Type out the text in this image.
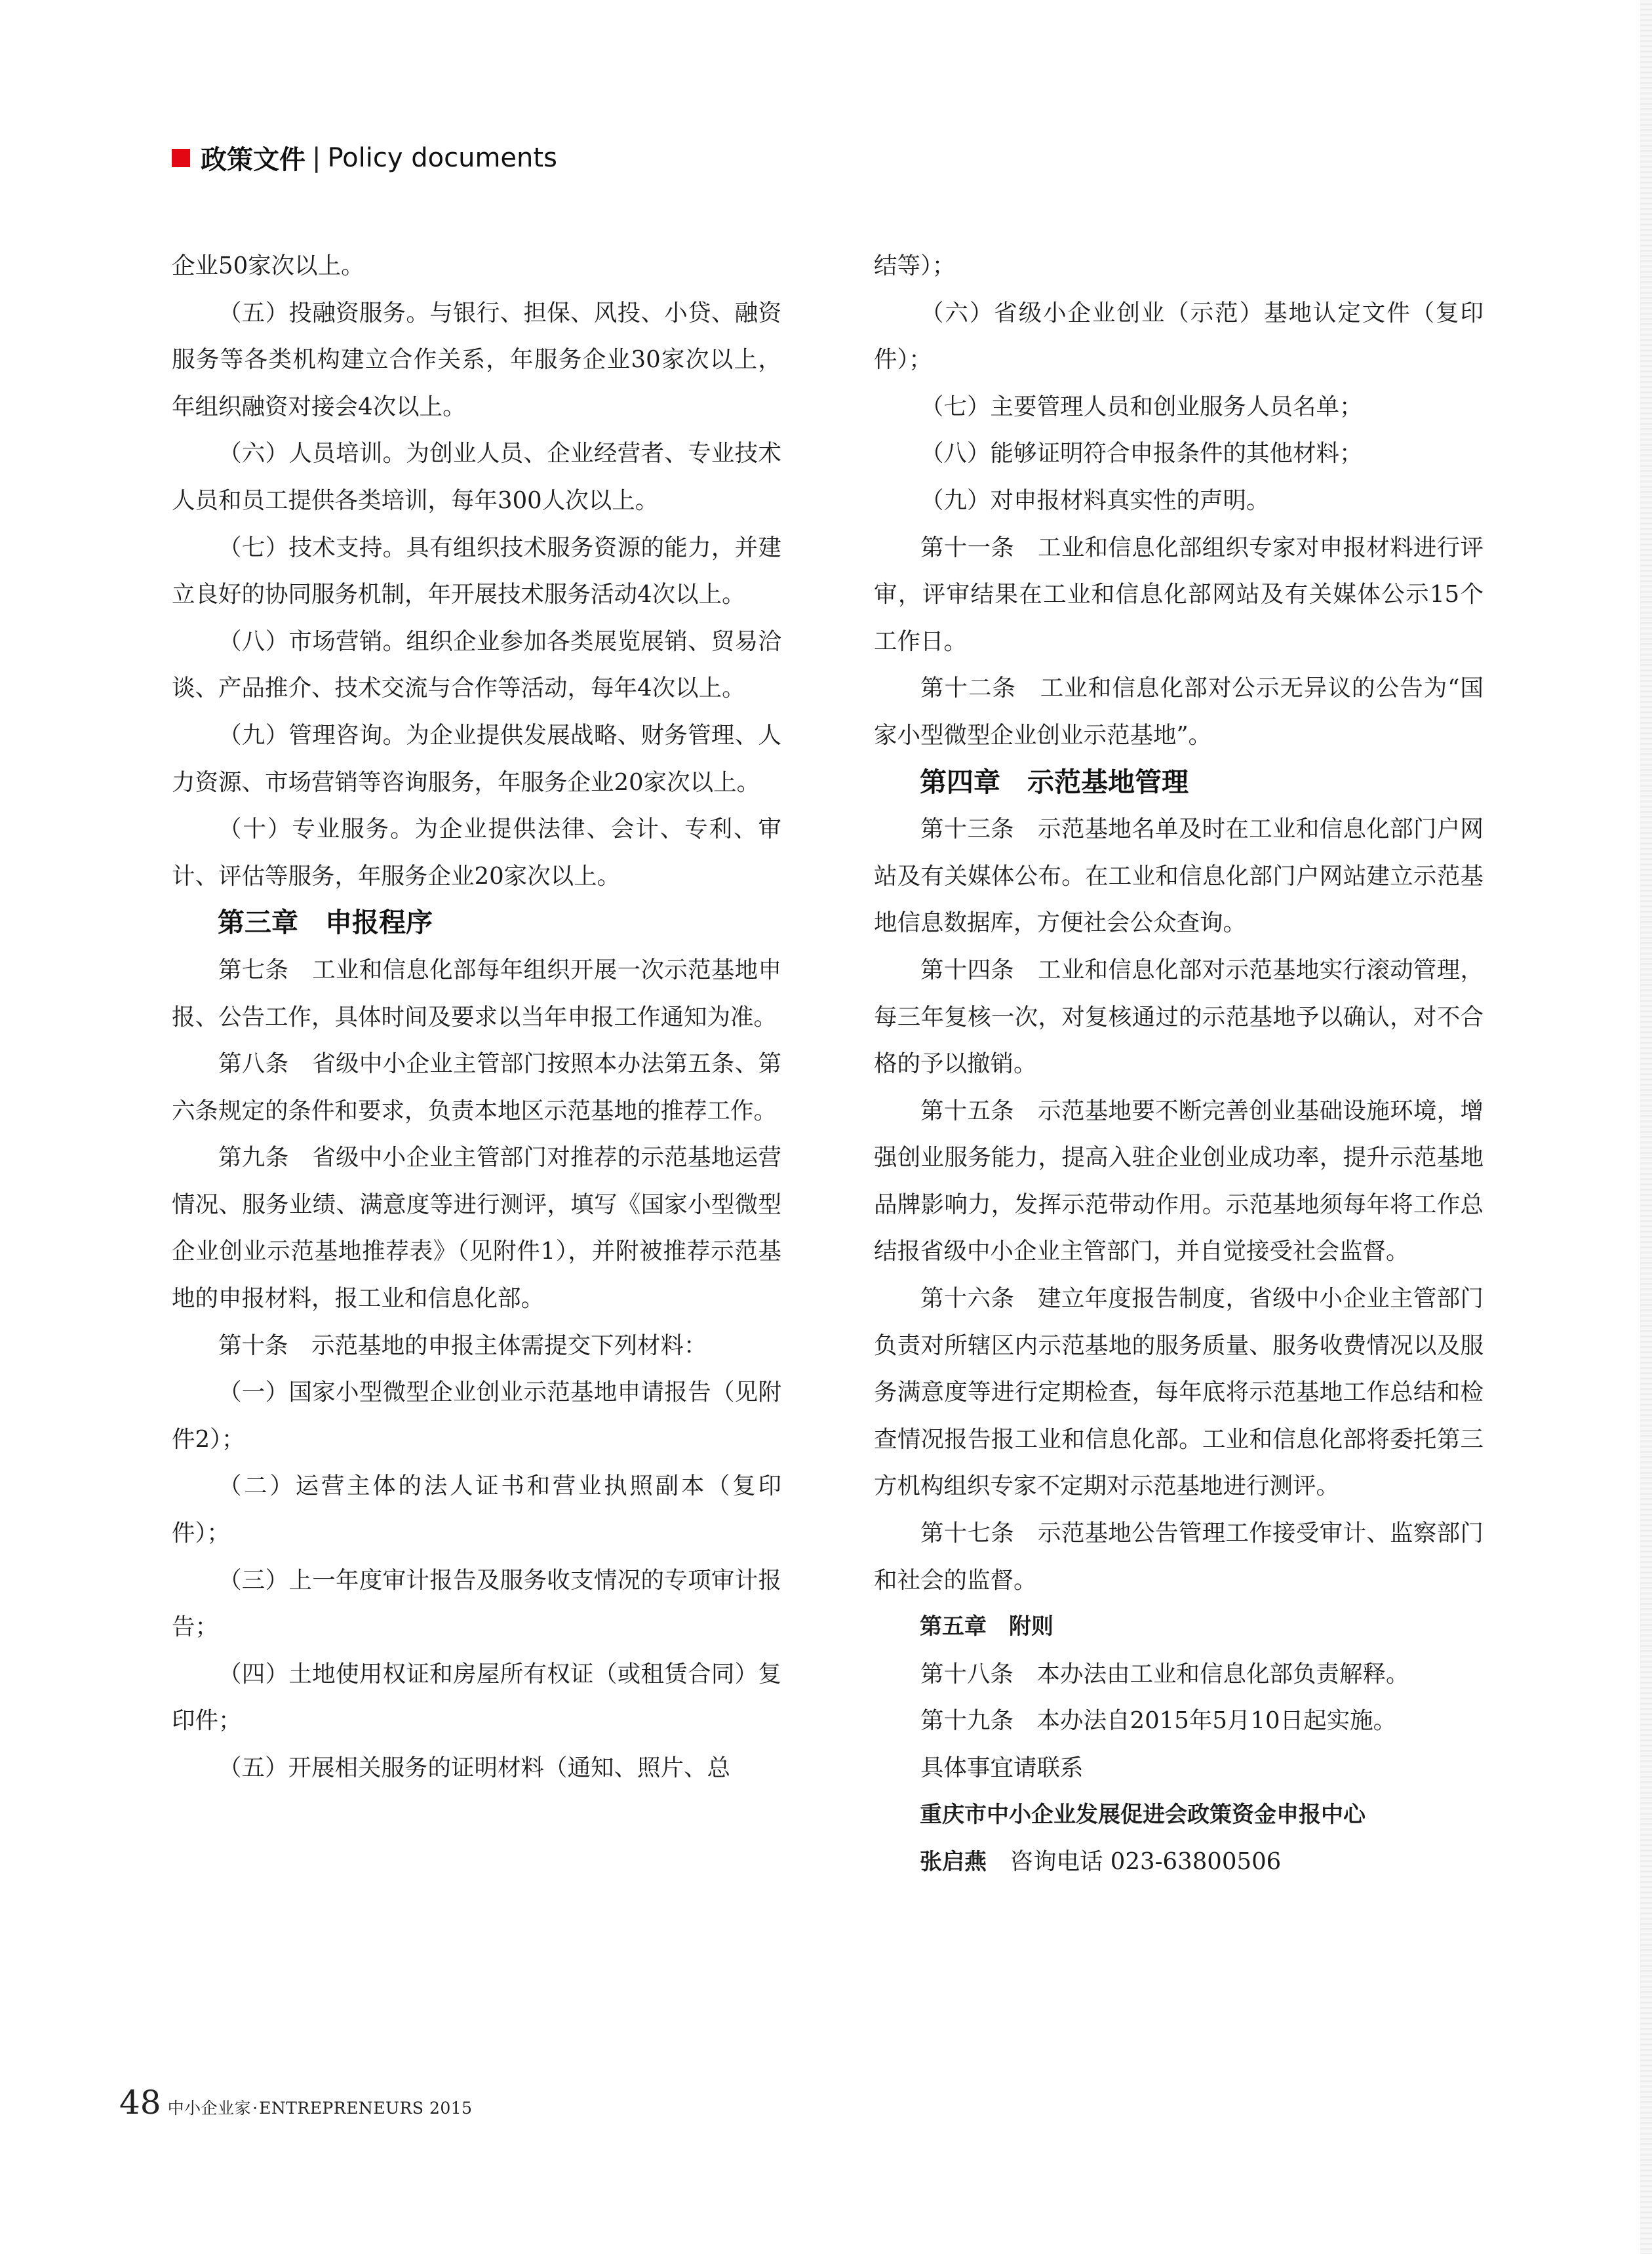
政策文件 | Policy documents

企业50家次以上。

（五）投融资服务。与银行、担保、风投、小贷、融资服务等各类机构建立合作关系，年服务企业30家次以上，年组织融资对接会4次以上。

（六）人员培训。为创业人员、企业经营者、专业技术人员和员工提供各类培训，每年300人次以上。

（七）技术支持。具有组织技术服务资源的能力，并建立良好的协同服务机制，年开展技术服务活动4次以上。

（八）市场营销。组织企业参加各类展览展销、贸易洽谈、产品推介、技术交流与合作等活动，每年4次以上。

（九）管理咨询。为企业提供发展战略、财务管理、人力资源、市场营销等咨询服务，年服务企业20家次以上。

（十）专业服务。为企业提供法律、会计、专利、审计、评估等服务，年服务企业20家次以上。

第三章　申报程序

第七条　工业和信息化部每年组织开展一次示范基地申报、公告工作，具体时间及要求以当年申报工作通知为准。

第八条　省级中小企业主管部门按照本办法第五条、第六条规定的条件和要求，负责本地区示范基地的推荐工作。

第九条　省级中小企业主管部门对推荐的示范基地运营情况、服务业绩、满意度等进行测评，填写《国家小型微型企业创业示范基地推荐表》（见附件1），并附被推荐示范基地的申报材料，报工业和信息化部。

第十条　示范基地的申报主体需提交下列材料：

（一）国家小型微型企业创业示范基地申请报告（见附件2）；

（二）运营主体的法人证书和营业执照副本（复印件）；

（三）上一年度审计报告及服务收支情况的专项审计报告；

（四）土地使用权证和房屋所有权证（或租赁合同）复印件；

（五）开展相关服务的证明材料（通知、照片、总

结等）；

（六）省级小企业创业（示范）基地认定文件（复印件）；

（七）主要管理人员和创业服务人员名单；

（八）能够证明符合申报条件的其他材料；

（九）对申报材料真实性的声明。

第十一条　工业和信息化部组织专家对申报材料进行评审，评审结果在工业和信息化部网站及有关媒体公示15个工作日。

第十二条　工业和信息化部对公示无异议的公告为“国家小型微型企业创业示范基地”。

第四章　示范基地管理

第十三条　示范基地名单及时在工业和信息化部门户网站及有关媒体公布。在工业和信息化部门户网站建立示范基地信息数据库，方便社会公众查询。

第十四条　工业和信息化部对示范基地实行滚动管理，每三年复核一次，对复核通过的示范基地予以确认，对不合格的予以撤销。

第十五条　示范基地要不断完善创业基础设施环境，增强创业服务能力，提高入驻企业创业成功率，提升示范基地品牌影响力，发挥示范带动作用。示范基地须每年将工作总结报省级中小企业主管部门，并自觉接受社会监督。

第十六条　建立年度报告制度，省级中小企业主管部门负责对所辖区内示范基地的服务质量、服务收费情况以及服务满意度等进行定期检查，每年底将示范基地工作总结和检查情况报告报工业和信息化部。工业和信息化部将委托第三方机构组织专家不定期对示范基地进行测评。

第十七条　示范基地公告管理工作接受审计、监察部门和社会的监督。

第五章　附则

第十八条　本办法由工业和信息化部负责解释。

第十九条　本办法自2015年5月10日起实施。

具体事宜请联系

重庆市中小企业发展促进会政策资金申报中心

张启燕　 咨询电话 023-63800506

48 中小企业家 · ENTREPRENEURS 2015
